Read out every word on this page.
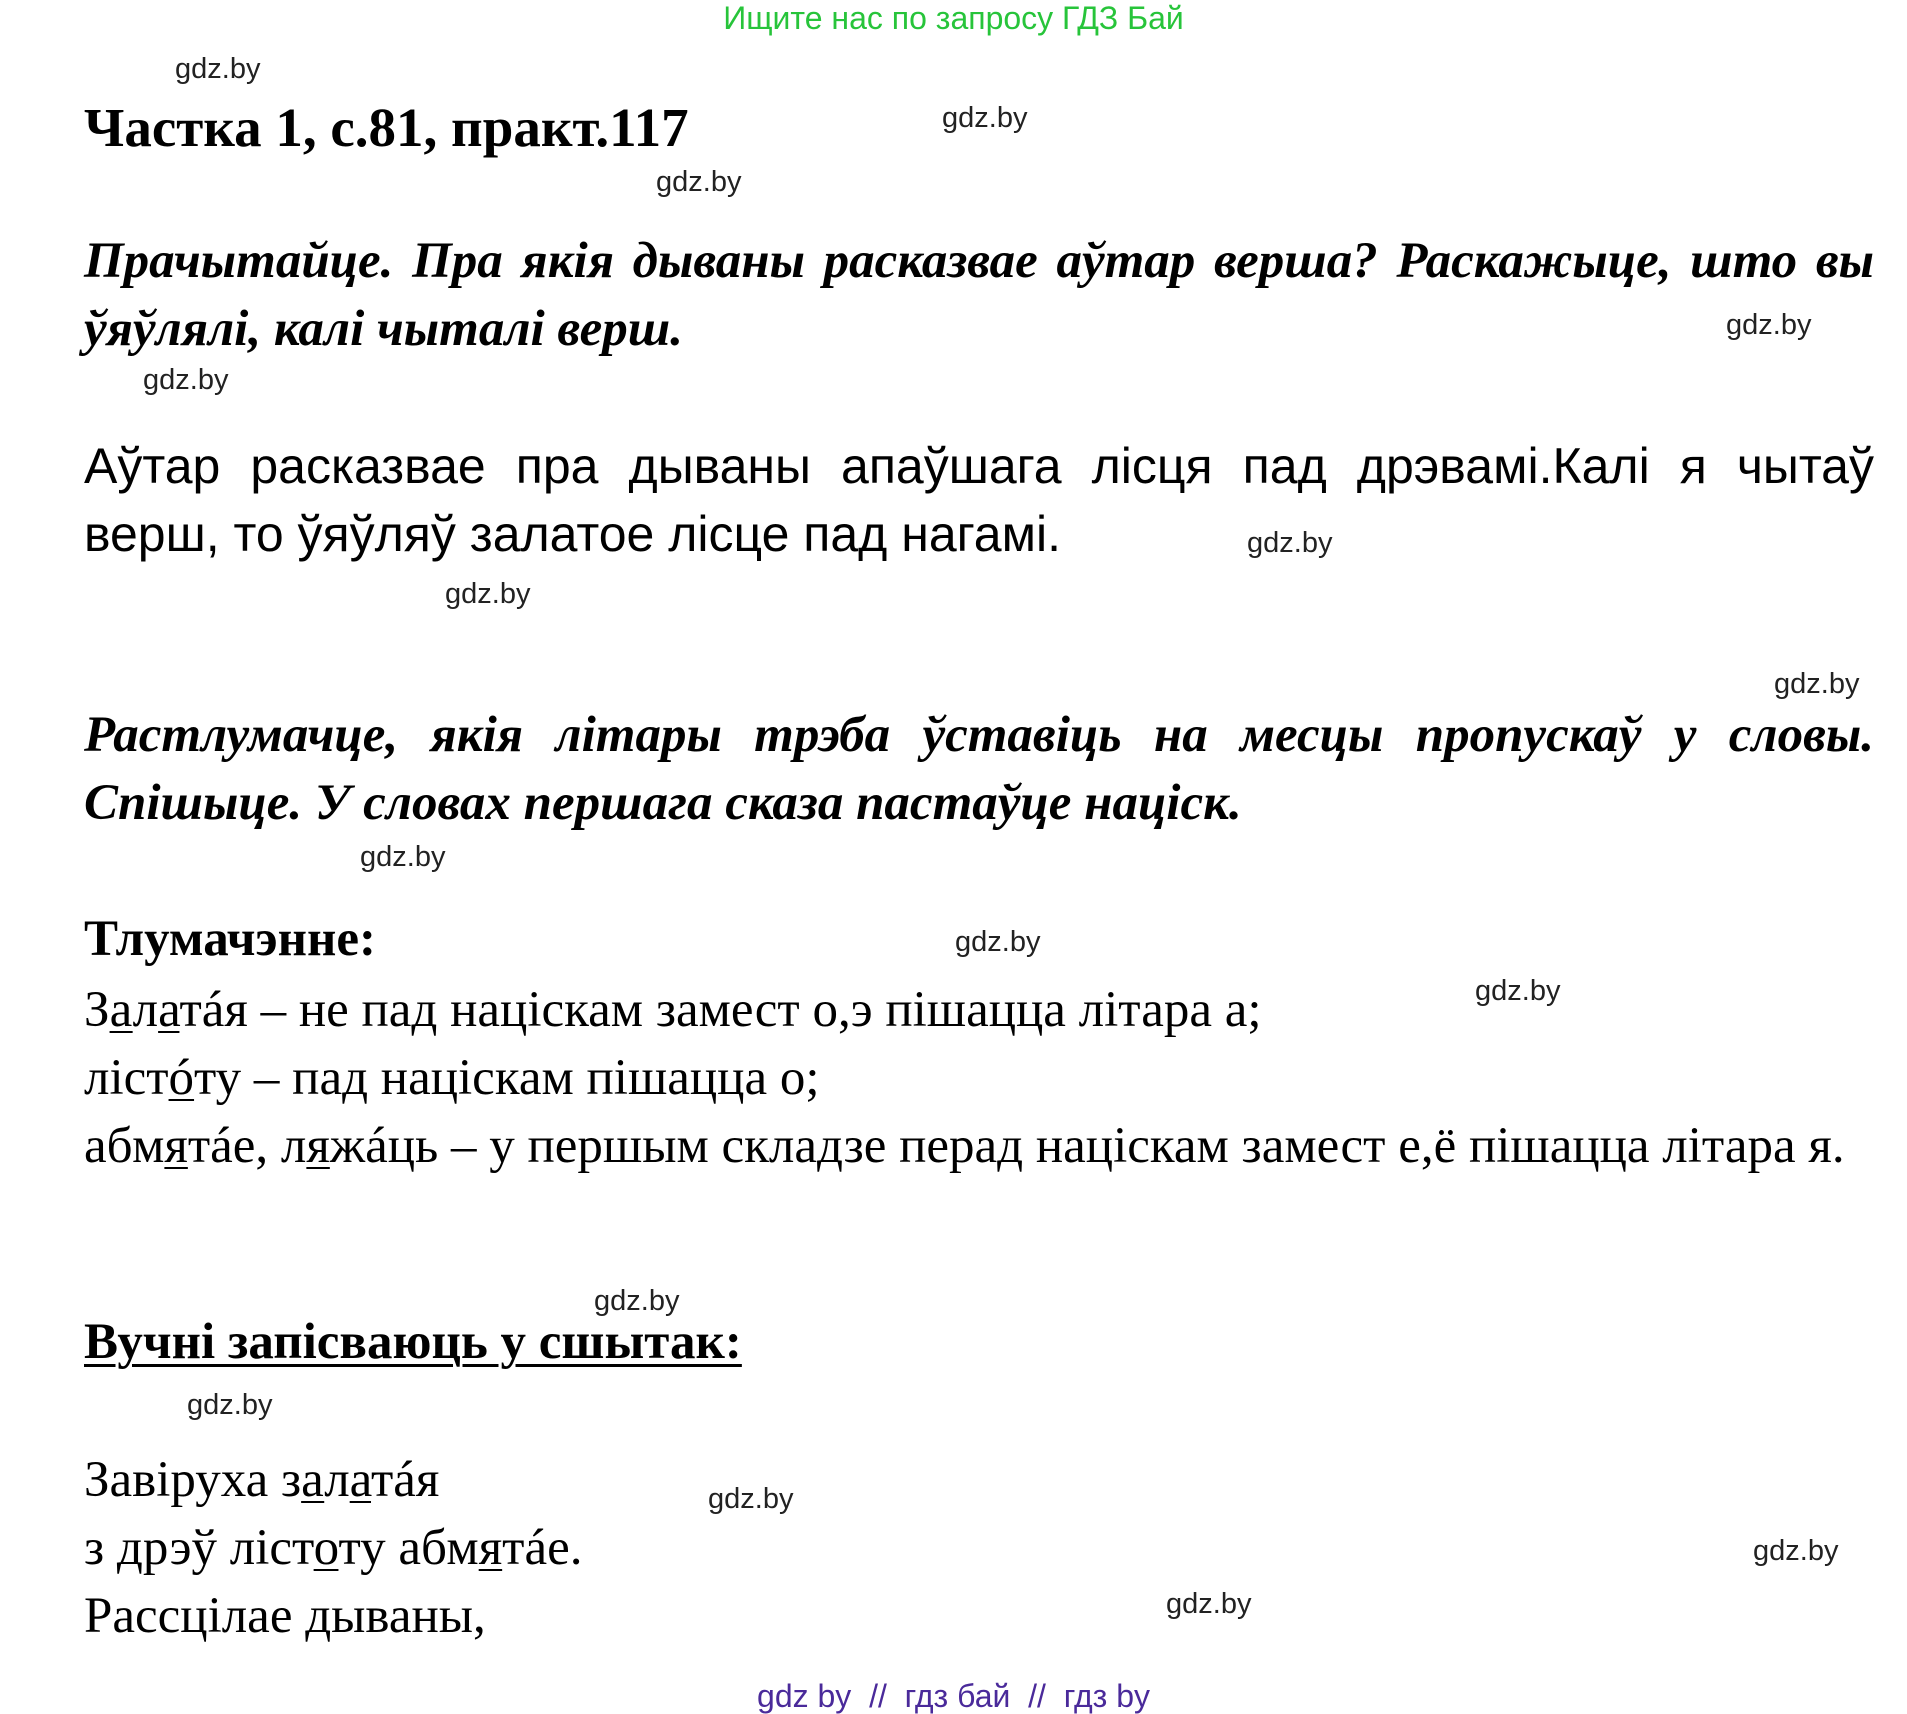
Ищите нас по запросу ГДЗ Бай
gdz.by
gdz.by
gdz.by
gdz.by
gdz.by
gdz.by
gdz.by
gdz.by
gdz.by
gdz.by
gdz.by
gdz.by
gdz.by
gdz.by
gdz.by
gdz.by
Частка 1, с.81, практ.117
Прачытайце. Пра якія дываны расказвае аўтар верша? Раскажыце, што вы ўяўлялі, калі чыталі верш.
Аўтар расказвае пра дываны апаўшага лісця пад дрэвамі.Калі я чытаў верш, то ўяўляў залатое лісце пад нагамі.
Растлумачце, якія літары трэба ўставіць на месцы пропускаў у словы. Спішыце. У словах першага сказа пастаўце націск.
Тлумачэнне:
Залатáя – не пад націскам замест о,э пішацца літара а;
лістóту – пад націскам пішацца о;
абмятáе, ляжáць – у першым складзе перад націскам замест е,ё пішацца літара я.
Вучні запісваюць у сшытак:
Завіруха залатáя
з дрэў лістоту абмятáе.
Рассцілае дываны,
gdz by  //  гдз бай  //  гдз by
